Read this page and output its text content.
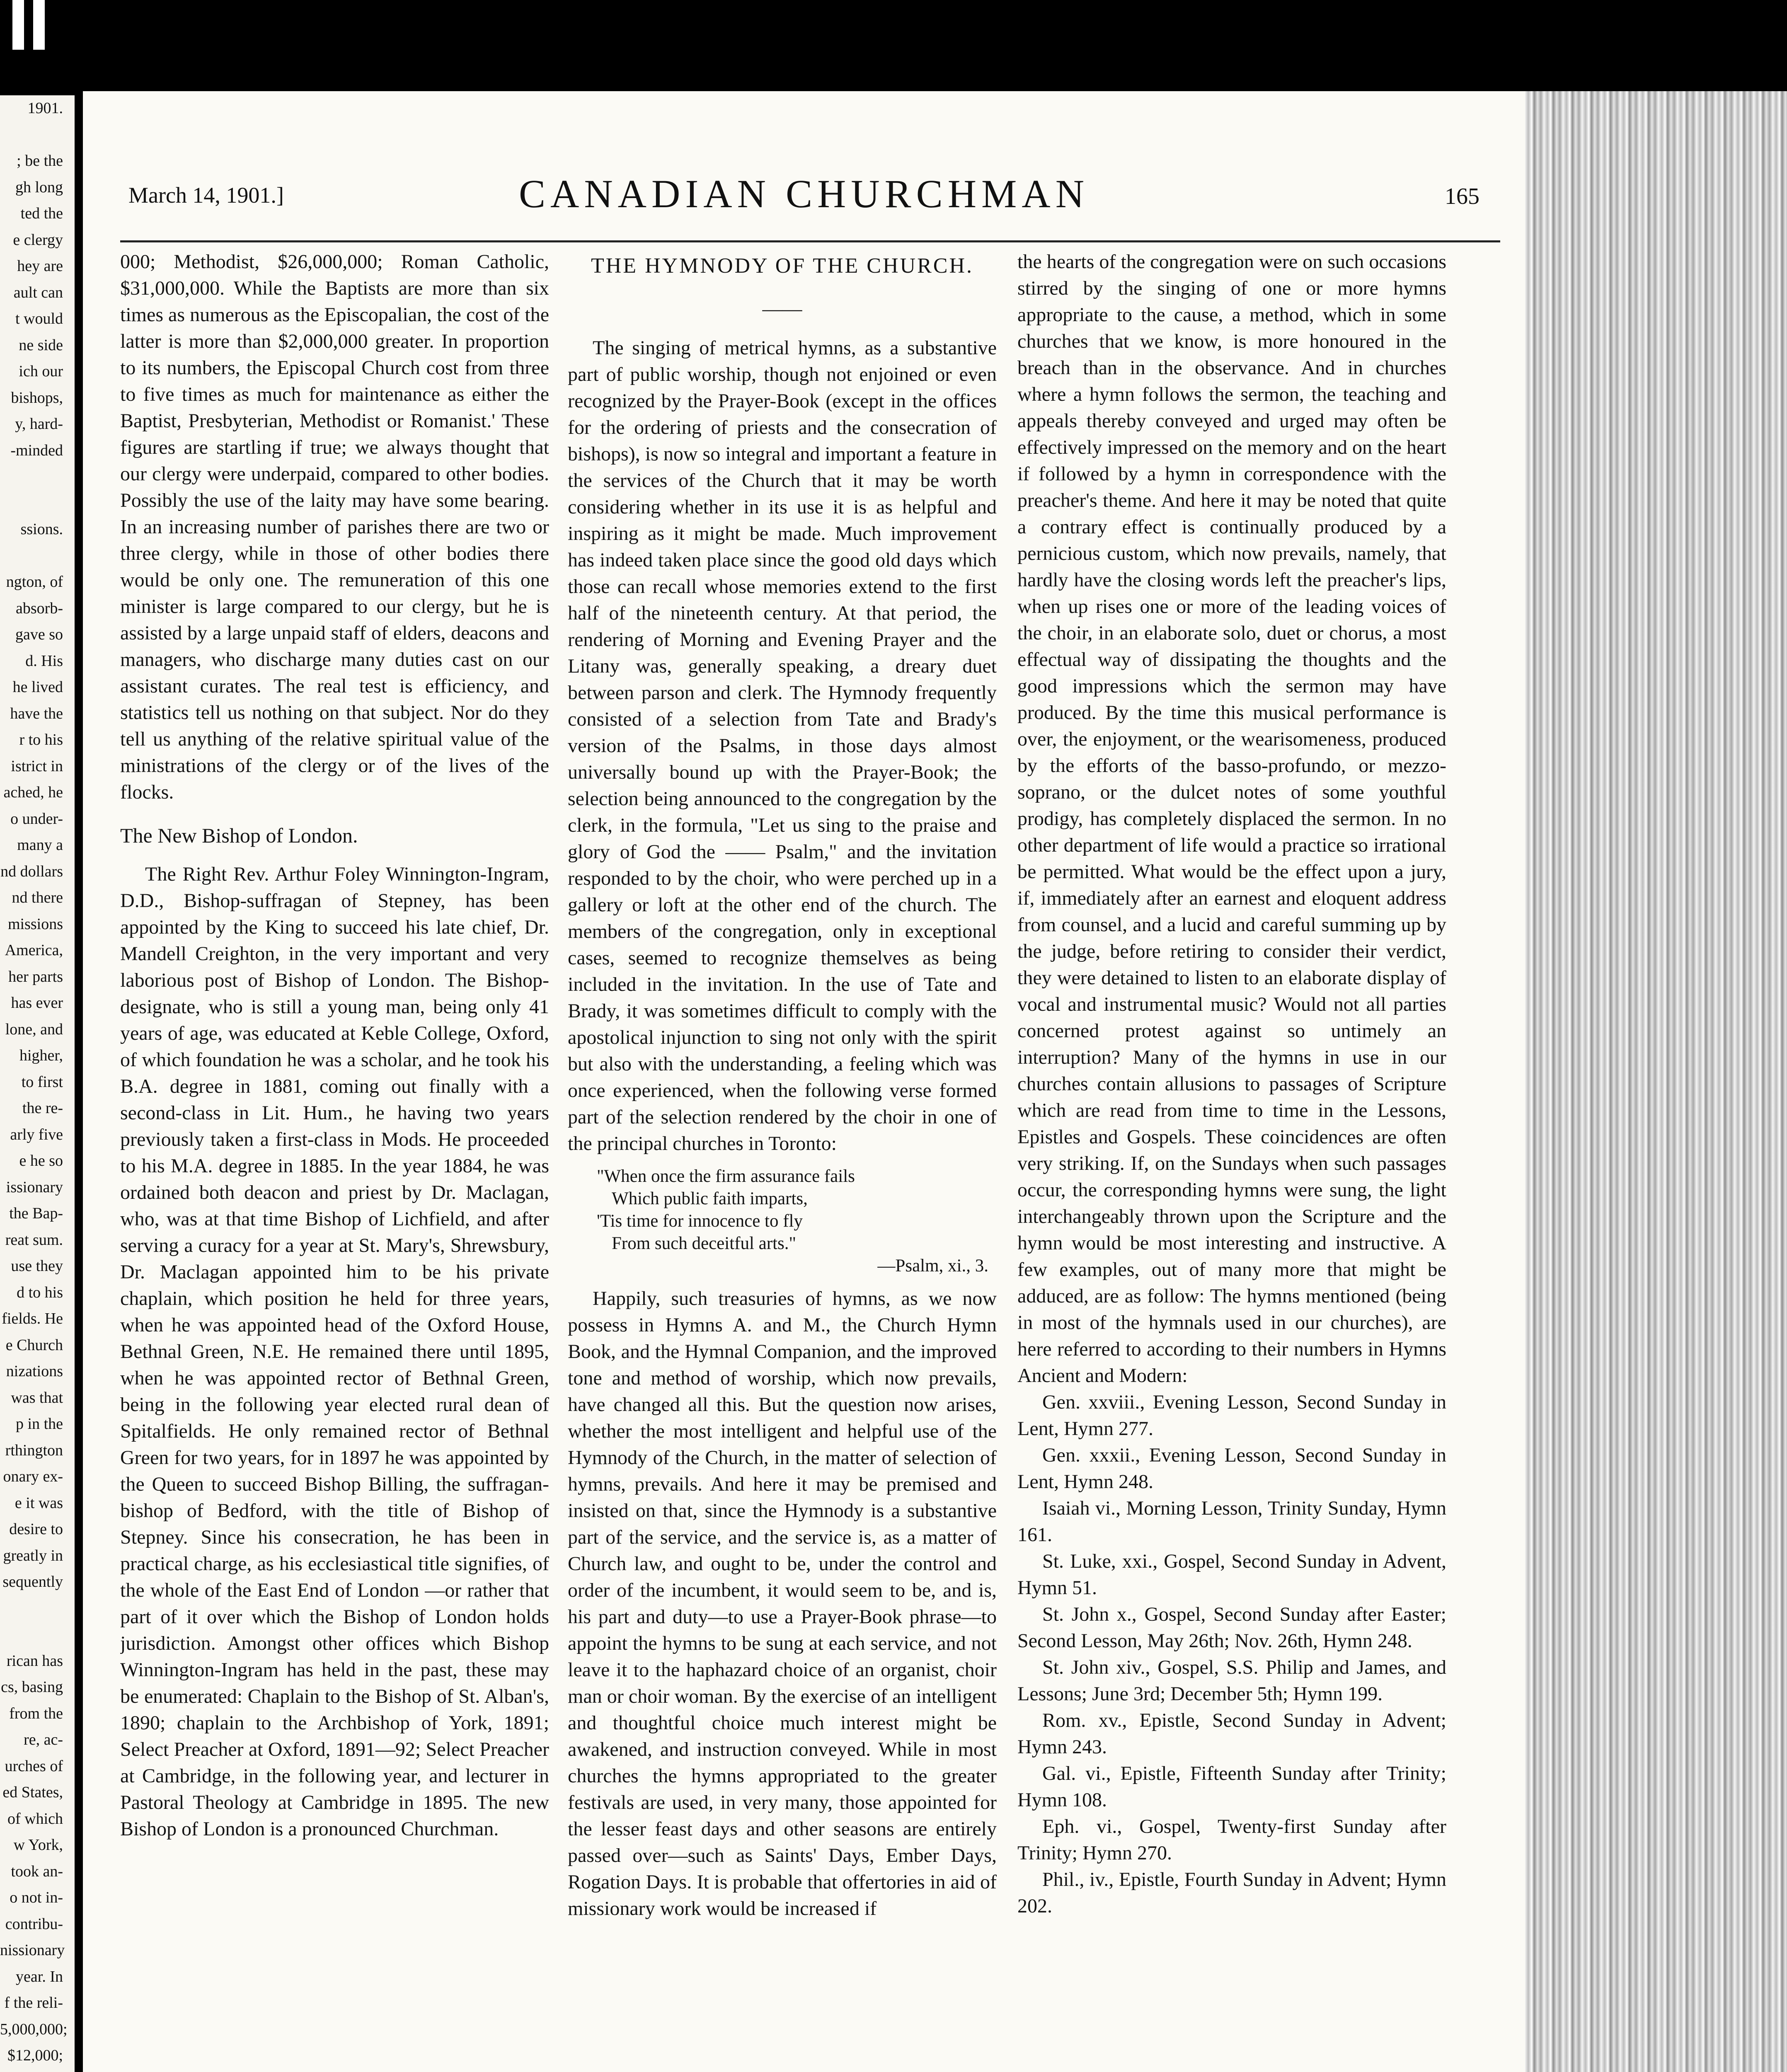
1901.
; be the
gh long
ted the
e clergy
hey are
ault can
t would
ne side
ich our
bishops,
y, hard-
-minded
ssions.
ngton, of
absorb-
gave so
d. His
he lived
have the
r to his
istrict in
ached, he
o under-
many a
nd dollars
nd there
missions
America,
her parts
has ever
lone, and
higher,
to first
the re-
arly five
e he so
issionary
the Bap-
reat sum.
use they
d to his
fields. He
e Church
nizations
was that
p in the
rthington
onary ex-
e it was
desire to
greatly in
sequently
rican has
cs, basing
from the
re, ac-
urches of
ed States,
of which
w York,
took an-
o not in-
contribu-
nissionary
year. In
f the reli-
5,000,000;
$12,000;
March 14, 1901.]	CANADIAN CHURCHMAN	165

000; Methodist, $26,000,000; Roman Catholic, $31,000,000. While the Baptists are more than six times as numerous as the Episcopalian, the cost of the latter is more than $2,000,000 greater. In proportion to its numbers, the Episcopal Church cost from three to five times as much for maintenance as either the Baptist, Presbyterian, Methodist or Romanist.' These figures are startling if true; we always thought that our clergy were underpaid, compared to other bodies. Possibly the use of the laity may have some bearing. In an increasing number of parishes there are two or three clergy, while in those of other bodies there would be only one. The remuneration of this one minister is large compared to our clergy, but he is assisted by a large unpaid staff of elders, deacons and managers, who discharge many duties cast on our assistant curates. The real test is efficiency, and statistics tell us nothing on that subject. Nor do they tell us anything of the relative spiritual value of the ministrations of the clergy or of the lives of the flocks.

The New Bishop of London.

The Right Rev. Arthur Foley Winnington-Ingram, D.D., Bishop-suffragan of Stepney, has been appointed by the King to succeed his late chief, Dr. Mandell Creighton, in the very important and very laborious post of Bishop of London. The Bishop-designate, who is still a young man, being only 41 years of age, was educated at Keble College, Oxford, of which foundation he was a scholar, and he took his B.A. degree in 1881, coming out finally with a second-class in Lit. Hum., he having two years previously taken a first-class in Mods. He proceeded to his M.A. degree in 1885. In the year 1884, he was ordained both deacon and priest by Dr. Maclagan, who, was at that time Bishop of Lichfield, and after serving a curacy for a year at St. Mary's, Shrewsbury, Dr. Maclagan appointed him to be his private chaplain, which position he held for three years, when he was appointed head of the Oxford House, Bethnal Green, N.E. He remained there until 1895, when he was appointed rector of Bethnal Green, being in the following year elected rural dean of Spitalfields. He only remained rector of Bethnal Green for two years, for in 1897 he was appointed by the Queen to succeed Bishop Billing, the suffragan-bishop of Bedford, with the title of Bishop of Stepney. Since his consecration, he has been in practical charge, as his ecclesiastical title signifies, of the whole of the East End of London —or rather that part of it over which the Bishop of London holds jurisdiction. Amongst other offices which Bishop Winnington-Ingram has held in the past, these may be enumerated: Chaplain to the Bishop of St. Alban's, 1890; chaplain to the Archbishop of York, 1891; Select Preacher at Oxford, 1891—92; Select Preacher at Cambridge, in the following year, and lecturer in Pastoral Theology at Cambridge in 1895. The new Bishop of London is a pronounced Churchman.

THE HYMNODY OF THE CHURCH.
——

The singing of metrical hymns, as a substantive part of public worship, though not enjoined or even recognized by the Prayer-Book (except in the offices for the ordering of priests and the consecration of bishops), is now so integral and important a feature in the services of the Church that it may be worth considering whether in its use it is as helpful and inspiring as it might be made. Much improvement has indeed taken place since the good old days which those can recall whose memories extend to the first half of the nineteenth century. At that period, the rendering of Morning and Evening Prayer and the Litany was, generally speaking, a dreary duet between parson and clerk. The Hymnody frequently consisted of a selection from Tate and Brady's version of the Psalms, in those days almost universally bound up with the Prayer-Book; the selection being announced to the congregation by the clerk, in the formula, "Let us sing to the praise and glory of God the —— Psalm," and the invitation responded to by the choir, who were perched up in a gallery or loft at the other end of the church. The members of the congregation, only in exceptional cases, seemed to recognize themselves as being included in the invitation. In the use of Tate and Brady, it was sometimes difficult to comply with the apostolical injunction to sing not only with the spirit but also with the understanding, a feeling which was once experienced, when the following verse formed part of the selection rendered by the choir in one of the principal churches in Toronto:

"When once the firm assurance fails
Which public faith imparts,
'Tis time for innocence to fly
From such deceitful arts."
—Psalm, xi., 3.

Happily, such treasuries of hymns, as we now possess in Hymns A. and M., the Church Hymn Book, and the Hymnal Companion, and the improved tone and method of worship, which now prevails, have changed all this. But the question now arises, whether the most intelligent and helpful use of the Hymnody of the Church, in the matter of selection of hymns, prevails. And here it may be premised and insisted on that, since the Hymnody is a substantive part of the service, and the service is, as a matter of Church law, and ought to be, under the control and order of the incumbent, it would seem to be, and is, his part and duty—to use a Prayer-Book phrase—to appoint the hymns to be sung at each service, and not leave it to the haphazard choice of an organist, choir man or choir woman. By the exercise of an intelligent and thoughtful choice much interest might be awakened, and instruction conveyed. While in most churches the hymns appropriated to the greater festivals are used, in very many, those appointed for the lesser feast days and other seasons are entirely passed over—such as Saints' Days, Ember Days, Rogation Days. It is probable that offertories in aid of missionary work would be increased if

the hearts of the congregation were on such occasions stirred by the singing of one or more hymns appropriate to the cause, a method, which in some churches that we know, is more honoured in the breach than in the observance. And in churches where a hymn follows the sermon, the teaching and appeals thereby conveyed and urged may often be effectively impressed on the memory and on the heart if followed by a hymn in correspondence with the preacher's theme. And here it may be noted that quite a contrary effect is continually produced by a pernicious custom, which now prevails, namely, that hardly have the closing words left the preacher's lips, when up rises one or more of the leading voices of the choir, in an elaborate solo, duet or chorus, a most effectual way of dissipating the thoughts and the good impressions which the sermon may have produced. By the time this musical performance is over, the enjoyment, or the wearisomeness, produced by the efforts of the basso-profundo, or mezzo-soprano, or the dulcet notes of some youthful prodigy, has completely displaced the sermon. In no other department of life would a practice so irrational be permitted. What would be the effect upon a jury, if, immediately after an earnest and eloquent address from counsel, and a lucid and careful summing up by the judge, before retiring to consider their verdict, they were detained to listen to an elaborate display of vocal and instrumental music? Would not all parties concerned protest against so untimely an interruption? Many of the hymns in use in our churches contain allusions to passages of Scripture which are read from time to time in the Lessons, Epistles and Gospels. These coincidences are often very striking. If, on the Sundays when such passages occur, the corresponding hymns were sung, the light interchangeably thrown upon the Scripture and the hymn would be most interesting and instructive. A few examples, out of many more that might be adduced, are as follow: The hymns mentioned (being in most of the hymnals used in our churches), are here referred to according to their numbers in Hymns Ancient and Modern:

Gen. xxviii., Evening Lesson, Second Sunday in Lent, Hymn 277.

Gen. xxxii., Evening Lesson, Second Sunday in Lent, Hymn 248.

Isaiah vi., Morning Lesson, Trinity Sunday, Hymn 161.

St. Luke, xxi., Gospel, Second Sunday in Advent, Hymn 51.

St. John x., Gospel, Second Sunday after Easter; Second Lesson, May 26th; Nov. 26th, Hymn 248.

St. John xiv., Gospel, S.S. Philip and James, and Lessons; June 3rd; December 5th; Hymn 199.

Rom. xv., Epistle, Second Sunday in Advent; Hymn 243.

Gal. vi., Epistle, Fifteenth Sunday after Trinity; Hymn 108.

Eph. vi., Gospel, Twenty-first Sunday after Trinity; Hymn 270.

Phil., iv., Epistle, Fourth Sunday in Advent; Hymn 202.
